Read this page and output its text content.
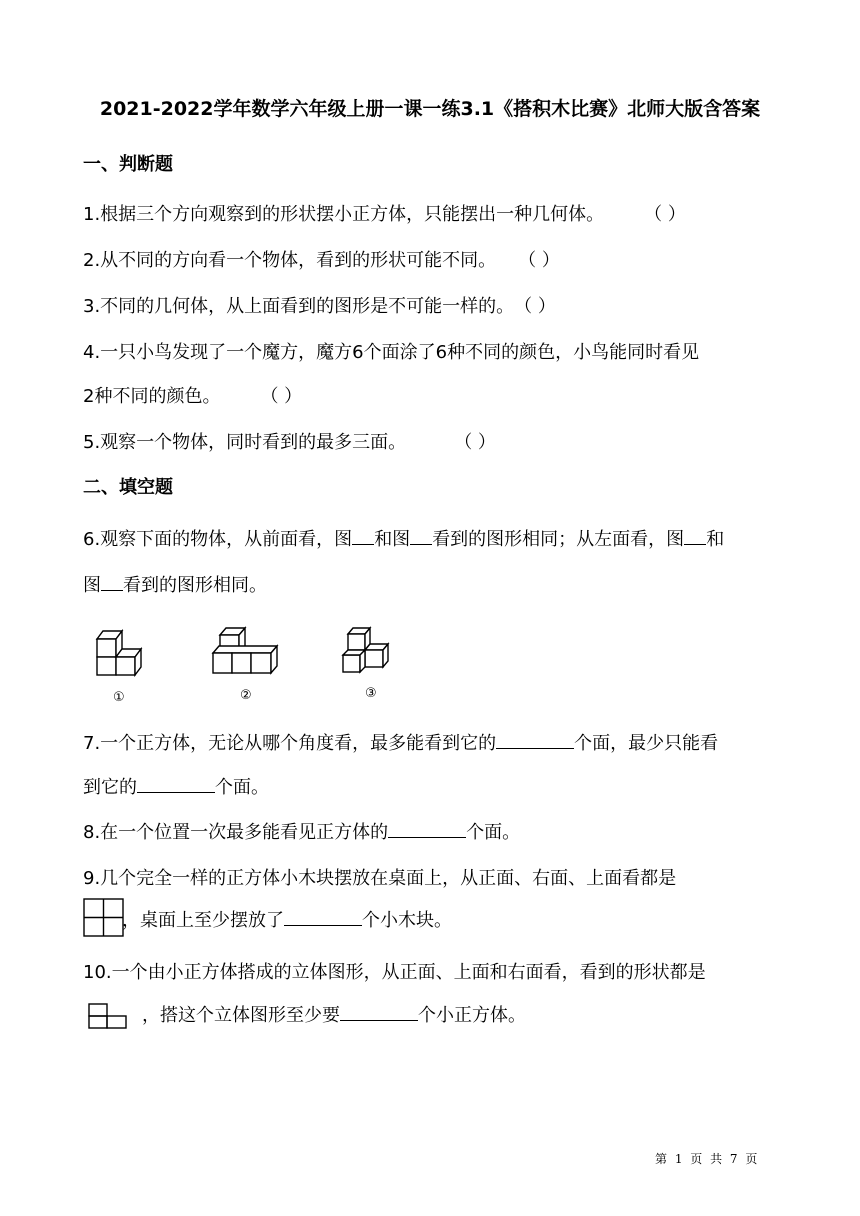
2021-2022学年数学六年级上册一课一练3.1《搭积木比赛》北师大版含答案
一、判断题
1.根据三个方向观察到的形状摆小正方体，只能摆出一种几何体。 （ ）
2.从不同的方向看一个物体，看到的形状可能不同。 （ ）
3.不同的几何体，从上面看到的图形是不可能一样的。（ ）
4.一只小鸟发现了一个魔方，魔方6个面涂了6种不同的颜色，小鸟能同时看见
2种不同的颜色。 （ ）
5.观察一个物体，同时看到的最多三面。	（ ）
二、填空题
6.观察下面的物体，从前面看，图 和图 看到的图形相同；从左面看，图 和
图 看到的图形相同。
①	②	③
7.一个正方体，无论从哪个角度看，最多能看到它的	个面，最少只能看
到它的	个面。
8.在一个位置一次最多能看见正方体的	个面。
9.几个完全一样的正方体小木块摆放在桌面上，从正面、右面、上面看都是
，桌面上至少摆放了	个小木块。
10.一个由小正方体搭成的立体图形，从正面、上面和右面看，看到的形状都是
，搭这个立体图形至少要	个小正方体。
第 1 页 共 7 页
